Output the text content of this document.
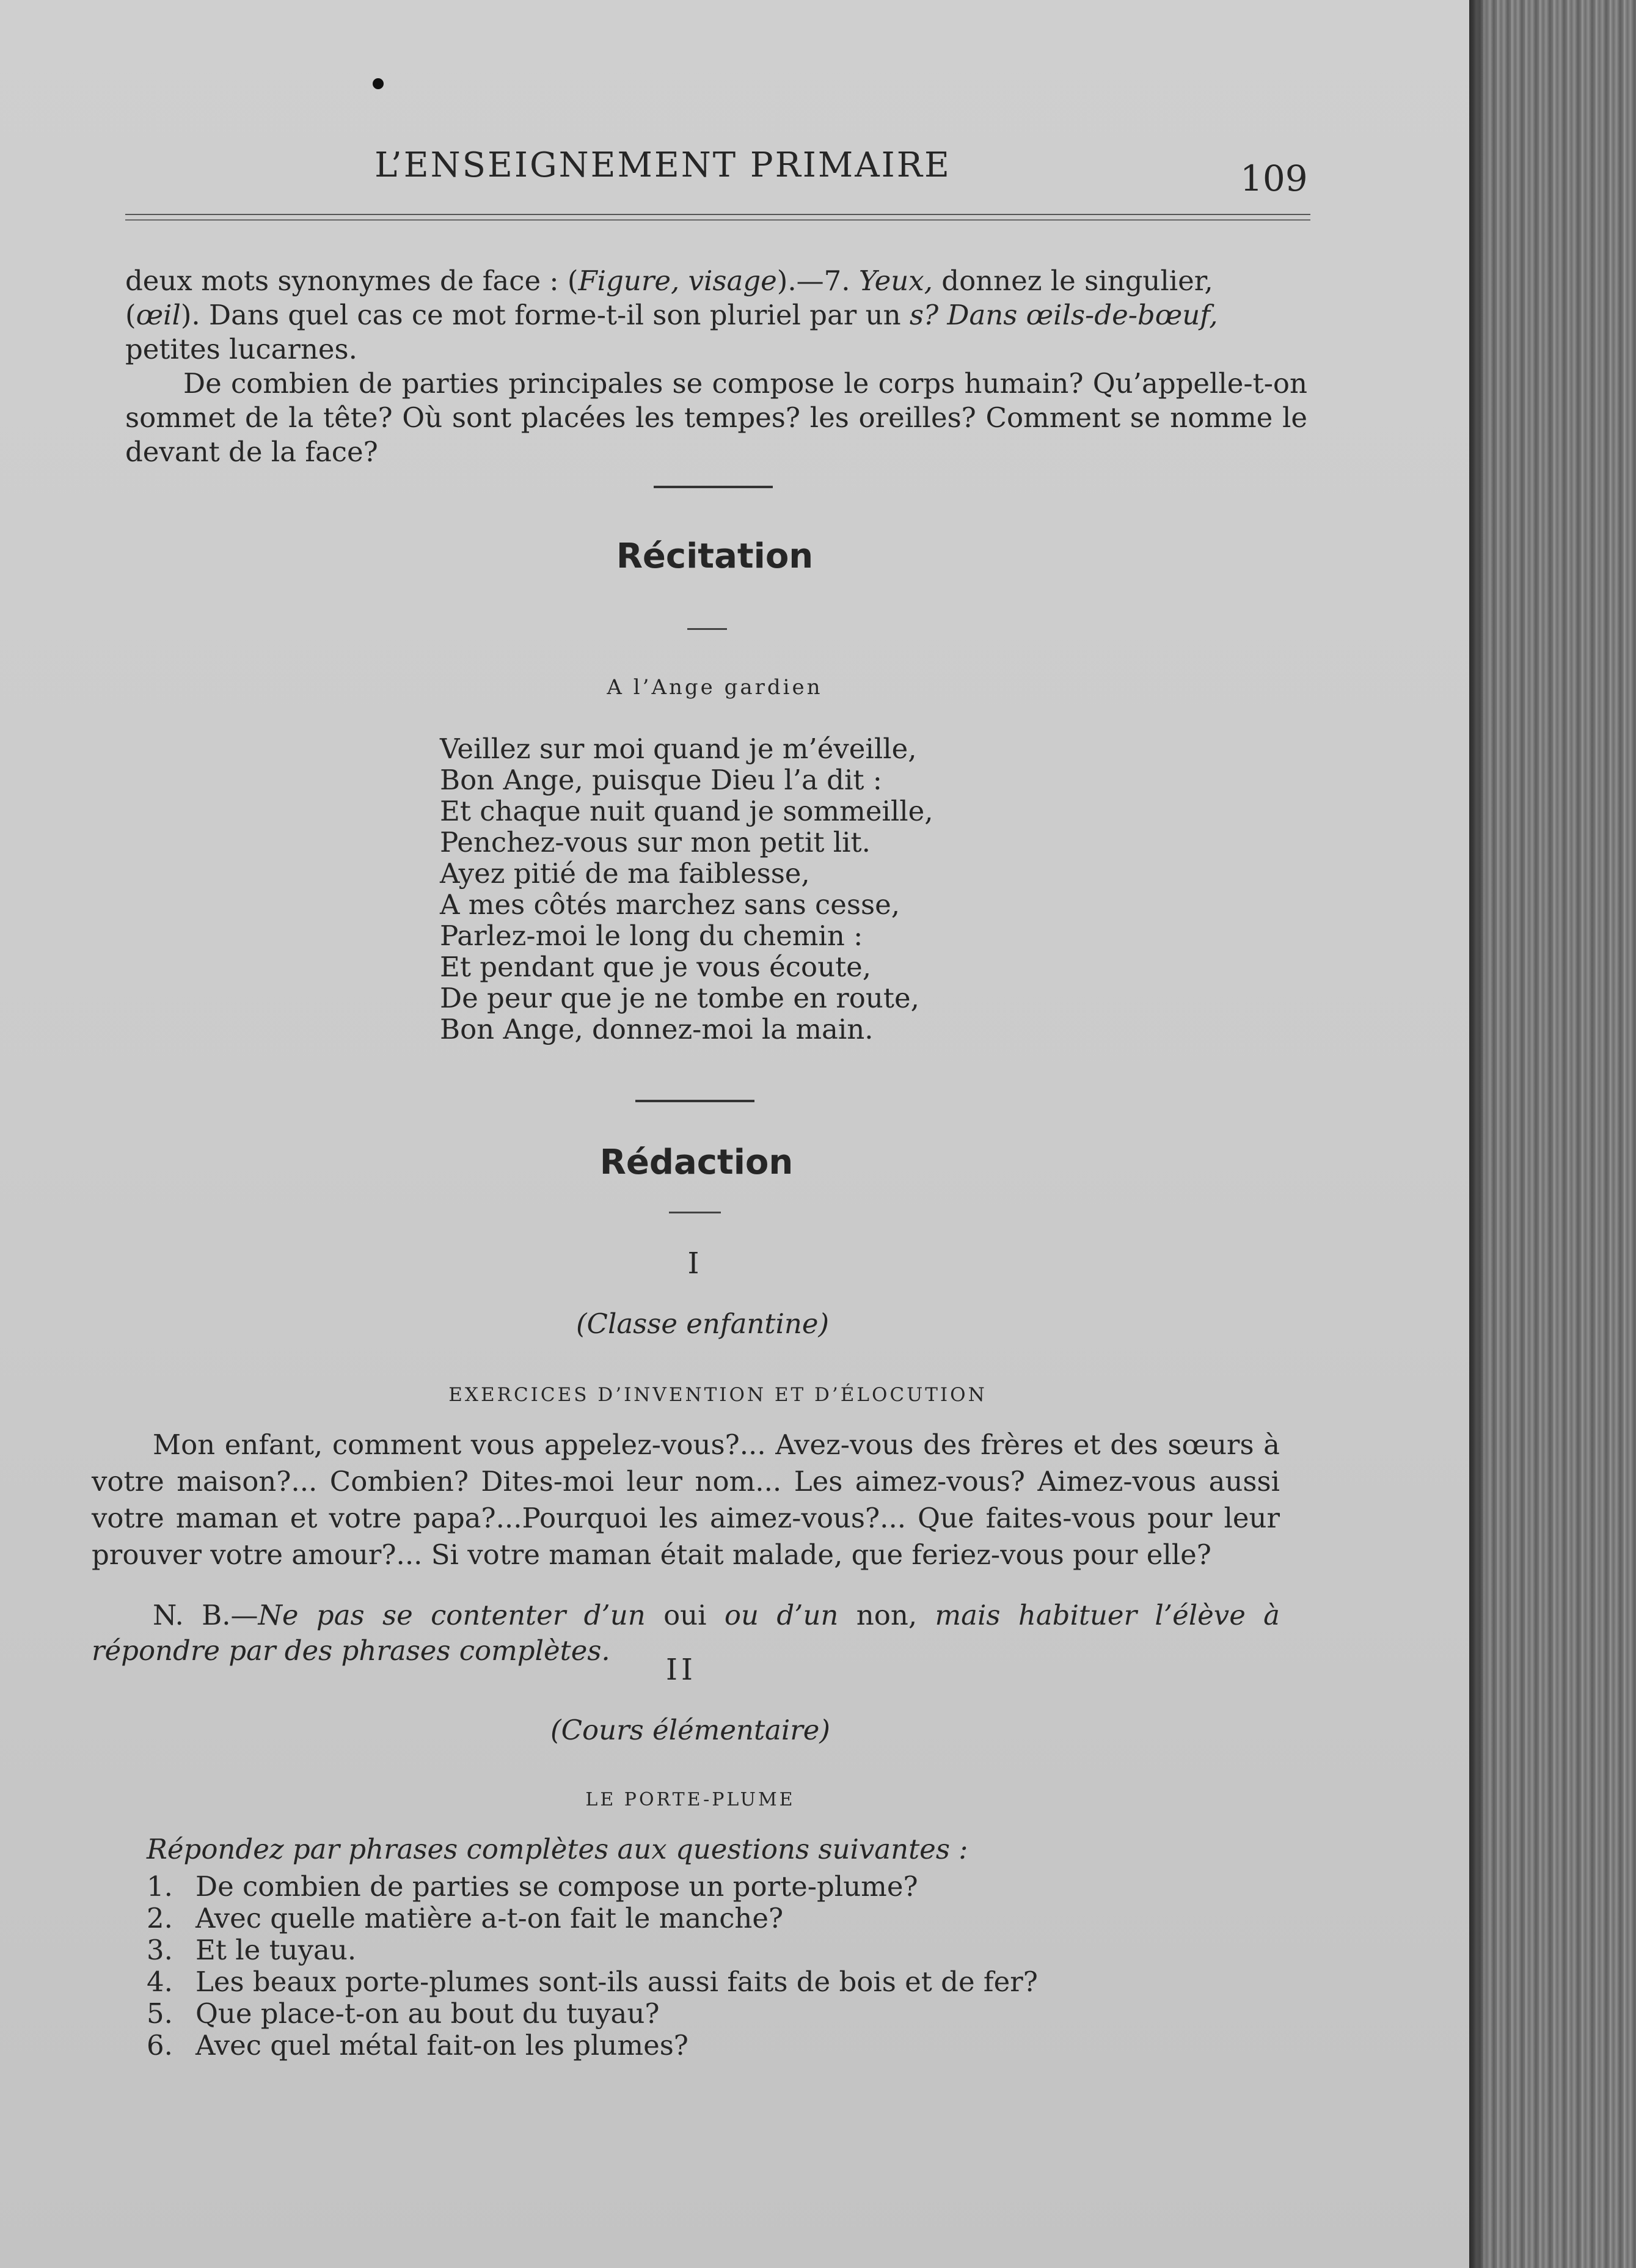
L’ENSEIGNEMENT PRIMAIRE	109
deux mots synonymes de face : (Figure, visage).—7. Yeux, donnez le singulier,
(œil). Dans quel cas ce mot forme-t-il son pluriel par un s? Dans œils-de-bœuf,
petites lucarnes.
De combien de parties principales se compose le corps humain? Qu’appelle-t-on sommet de la tête? Où sont placées les tempes? les oreilles? Comment se nomme le devant de la face?
Récitation
A l’Ange gardien
Veillez sur moi quand je m’éveille,
Bon Ange, puisque Dieu l’a dit :
Et chaque nuit quand je sommeille,
Penchez-vous sur mon petit lit.
Ayez pitié de ma faiblesse,
A mes côtés marchez sans cesse,
Parlez-moi le long du chemin :
Et pendant que je vous écoute,
De peur que je ne tombe en route,
Bon Ange, donnez-moi la main.
Rédaction
I
(Classe enfantine)
EXERCICES D’INVENTION ET D’ÉLOCUTION
Mon enfant, comment vous appelez-vous?... Avez-vous des frères et des sœurs à votre maison?... Combien? Dites-moi leur nom... Les aimez-vous? Aimez-vous aussi votre maman et votre papa?...Pourquoi les aimez-vous?... Que faites-vous pour leur prouver votre amour?... Si votre maman était malade, que feriez-vous pour elle?
N. B.—Ne pas se contenter d’un oui ou d’un non, mais habituer l’élève à répondre par des phrases complètes.
II
(Cours élémentaire)
LE PORTE-PLUME
Répondez par phrases complètes aux questions suivantes :
1. De combien de parties se compose un porte-plume?
2. Avec quelle matière a-t-on fait le manche?
3. Et le tuyau.
4. Les beaux porte-plumes sont-ils aussi faits de bois et de fer?
5. Que place-t-on au bout du tuyau?
6. Avec quel métal fait-on les plumes?
